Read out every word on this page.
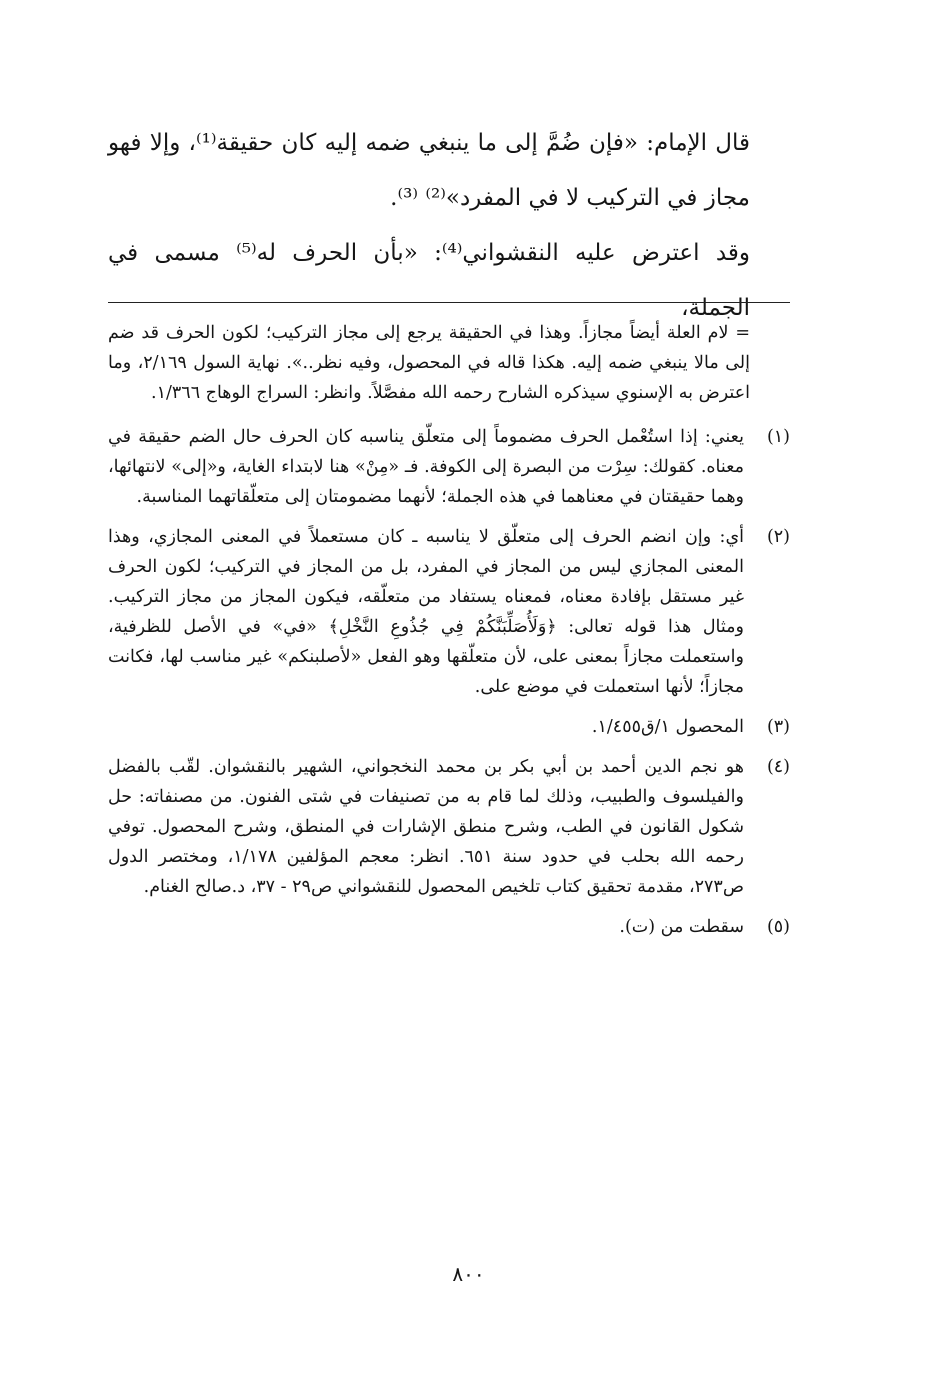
قال الإمام: «فإن ضُمَّ إلى ما ينبغي ضمه إليه كان حقيقة⁽¹⁾، وإلا فهو مجاز في التركيب لا في المفرد»⁽²⁾ ⁽³⁾.

وقد اعترض عليه النقشواني⁽⁴⁾: «بأن الحرف له⁽⁵⁾ مسمى في الجملة،

= لام العلة أيضاً مجازاً. وهذا في الحقيقة يرجع إلى مجاز التركيب؛ لكون الحرف قد ضم إلى مالا ينبغي ضمه إليه. هكذا قاله في المحصول، وفيه نظر..». نهاية السول ٢/١٦٩، وما اعترض به الإسنوي سيذكره الشارح رحمه الله مفصَّلاً. وانظر: السراج الوهاج ١/٣٦٦.

(١)
يعني: إذا استُعْمل الحرف مضموماً إلى متعلّق يناسبه كان الحرف حال الضم حقيقة في معناه. كقولك: سِرْت من البصرة إلى الكوفة. فـ «مِنْ» هنا لابتداء الغاية، و«إلى» لانتهائها، وهما حقيقتان في معناهما في هذه الجملة؛ لأنهما مضمومتان إلى متعلّقاتهما المناسبة.
(٢)
أي: وإن انضم الحرف إلى متعلّق لا يناسبه ـ كان مستعملاً في المعنى المجازي، وهذا المعنى المجازي ليس من المجاز في المفرد، بل من المجاز في التركيب؛ لكون الحرف غير مستقل بإفادة معناه، فمعناه يستفاد من متعلّقه، فيكون المجاز من مجاز التركيب. ومثال هذا قوله تعالى: ﴿وَلَأُصَلِّبَنَّكُمْ فِي جُذُوعِ النَّخْلِ﴾ «في» في الأصل للظرفية، واستعملت مجازاً بمعنى على، لأن متعلّقها وهو الفعل «لأصلبنكم» غير مناسب لها، فكانت مجازاً؛ لأنها استعملت في موضع على.
(٣)
المحصول ١/ق١/٤٥٥.
(٤)
هو نجم الدين أحمد بن أبي بكر بن محمد النخجواني، الشهير بالنقشوان. لقّب بالفضل والفيلسوف والطبيب، وذلك لما قام به من تصنيفات في شتى الفنون. من مصنفاته: حل شكول القانون في الطب، وشرح منطق الإشارات في المنطق، وشرح المحصول. توفي رحمه الله بحلب في حدود سنة ٦٥١. انظر: معجم المؤلفين ١/١٧٨، ومختصر الدول ص٢٧٣، مقدمة تحقيق كتاب تلخيص المحصول للنقشواني ص٢٩ - ٣٧، د.صالح الغنام.
(٥)
سقطت من (ت).
٨٠٠
